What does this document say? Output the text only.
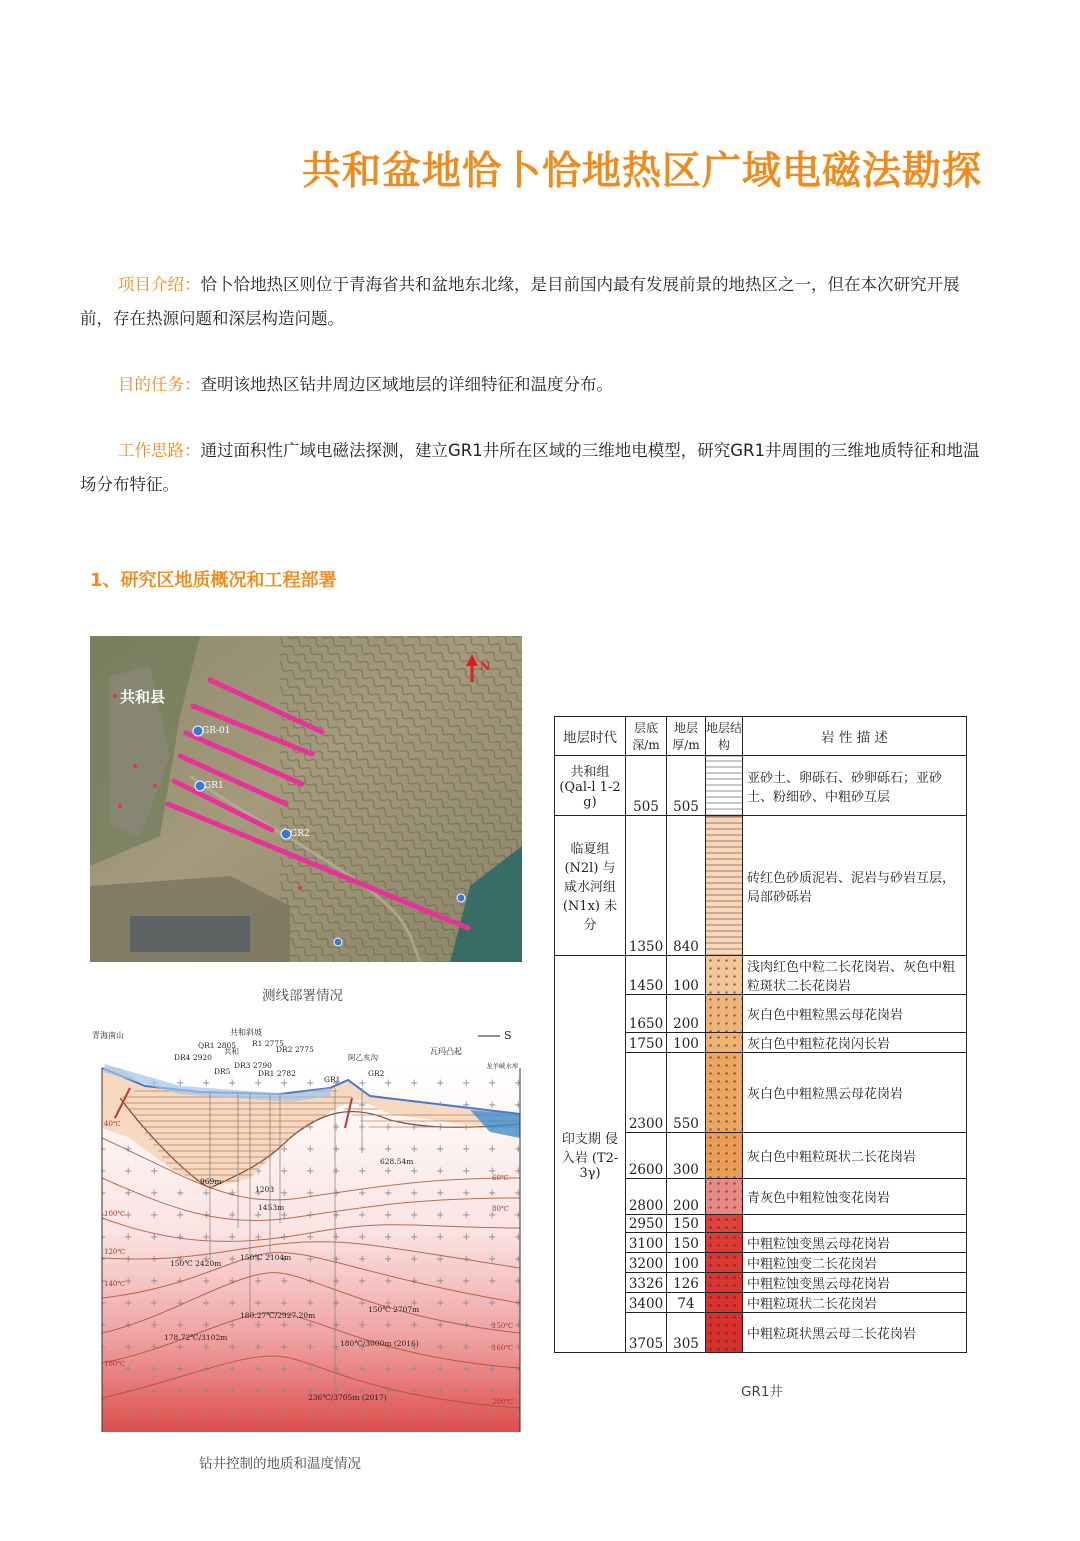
共和盆地恰卜恰地热区广域电磁法勘探
项目介绍：恰卜恰地热区则位于青海省共和盆地东北缘，是目前国内最有发展前景的地热区之一，但在本次研究开展前，存在热源问题和深层构造问题。
目的任务：查明该地热区钻井周边区域地层的详细特征和温度分布。
工作思路：通过面积性广域电磁法探测，建立GR1井所在区域的三维地电模型，研究GR1井周围的三维地质特征和地温场分布特征。
1、研究区地质概况和工程部署
共和县
GR-01
GR1
GR2
N
测线部署情况
青海南山	共和斜坡
瓦玛凸起
S
QR1 2805
DR4 2920
DR5
DR3 2790
R1 2775
DR1 2782
DR2 2775
GR1
GR2
共和
阿乙亥沟
龙羊峡水库
969m
1203
1453m
628.54m
150℃ 2420m
150℃ 2104m
180.27℃/2927.20m
178.72℃/3102m
180℃/3000m (2016)
236℃/3705m (2017)
150℃ 2707m
40℃
60℃
80℃
100℃
120℃
140℃
150℃
160℃
180℃
200℃
钻井控制的地质和温度情况
地层时代	层底深/m	地层厚/m	地层结构	岩 性 描 述
共和组 (Qal-l 1-2 g)	505	505		亚砂土、卵砾石、砂卵砾石；亚砂土、粉细砂、中粗砂互层
临夏组 (N2l) 与 咸水河组 (N1x) 未分	1350	840		砖红色砂质泥岩、泥岩与砂岩互层，局部砂砾岩
印支期 侵入岩 (T2-3γ)	1450	100		浅肉红色中粒二长花岗岩、灰色中粗粒斑状二长花岗岩
	1650	200		灰白色中粗粒黑云母花岗岩
	1750	100		灰白色中粗粒花岗闪长岩
	2300	550		灰白色中粗粒黑云母花岗岩
	2600	300		灰白色中粗粒斑状二长花岗岩
	2800	200		青灰色中粗粒蚀变花岗岩
	2950	150		
	3100	150		中粗粒蚀变黑云母花岗岩
	3200	100		中粗粒蚀变二长花岗岩
	3326	126		中粗粒蚀变黑云母花岗岩
	3400	74		中粗粒斑状二长花岗岩
	3705	305		中粗粒斑状黑云母二长花岗岩
GR1井
